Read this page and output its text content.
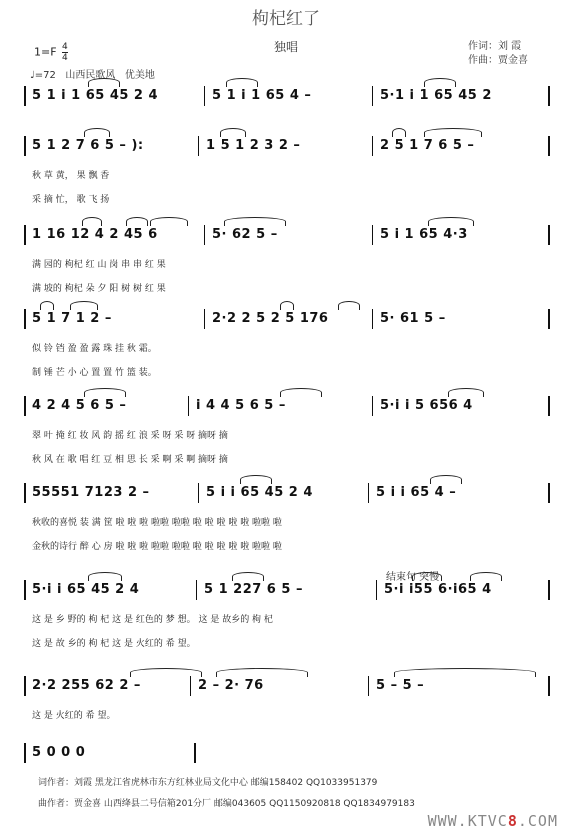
枸杞红了
独唱
$1=F \frac{4}{4}$
♩=72 山西民歌风 优美地
作词：刘 霞
作曲：贾金喜
5 1 i 1 65 45 2 4	5 1 i 1 65 4 –	5·1 i 1 65 45 2
5 1 2 7 6 5 – ):	1 5 1 2 3 2 –	2 5 1 7 6 5 –
秋 草 黄， 果 飘 香
采 摘 忙， 歌 飞 扬
1 16 12 4 2 45 6	5· 62 5 –	5 i 1 65 4·3
满 园的 枸杞 红 山 岗 串 串 红 果
满 坡的 枸杞 朵 夕 阳 树 树 红 果
5 1 7 1 2 –	2·2 2 5 2 5 176	5· 61 5 –
似 铃 铛 盈 盈 露 珠 挂 秋 霜。
制 锤 芒 小 心 置 置 竹 篮 装。
4 2 4 5 6 5 –	i 4 4 5 6 5 –	5·i i 5 656 4
翠 叶 掩 红 妆 风 韵 摇 红 浪 采 呀 采 呀 摘呀 摘
秋 风 在 歌 唱 红 豆 相 思 长 采 啊 采 啊 摘呀 摘
55551 7123 2 –	5 i i 65 45 2 4	5 i i 65 4 –
秋收的喜悦 装 满 筐 啦 啦 啦 啦啦 啦啦 啦 啦 啦 啦 啦 啦啦 啦
金秋的诗行 醉 心 房 啦 啦 啦 啦啦 啦啦 啦 啦 啦 啦 啦 啦啦 啦
5·i i 65 45 2 4	5 1 227 6 5 –	5·i i55 6·i65 4
这 是 乡 野的 枸 杞 这 是 红色的 梦 想。 这 是 故乡的 枸 杞
这 是 故 乡的 枸 杞 这 是 火红的 希 望。
2·2 255 62 2 –	2 – 2· 76	5 – 5 –
这 是 火红的 希 望。
5 0 0 0
结束句 突慢
词作者：刘霞 黑龙江省虎林市东方红林业局文化中心 邮编158402 QQ1033951379
曲作者：贾金喜 山西绛县二号信箱201分厂 邮编043605 QQ1150920818 QQ1834979183
WWW.KTVC8.COM
